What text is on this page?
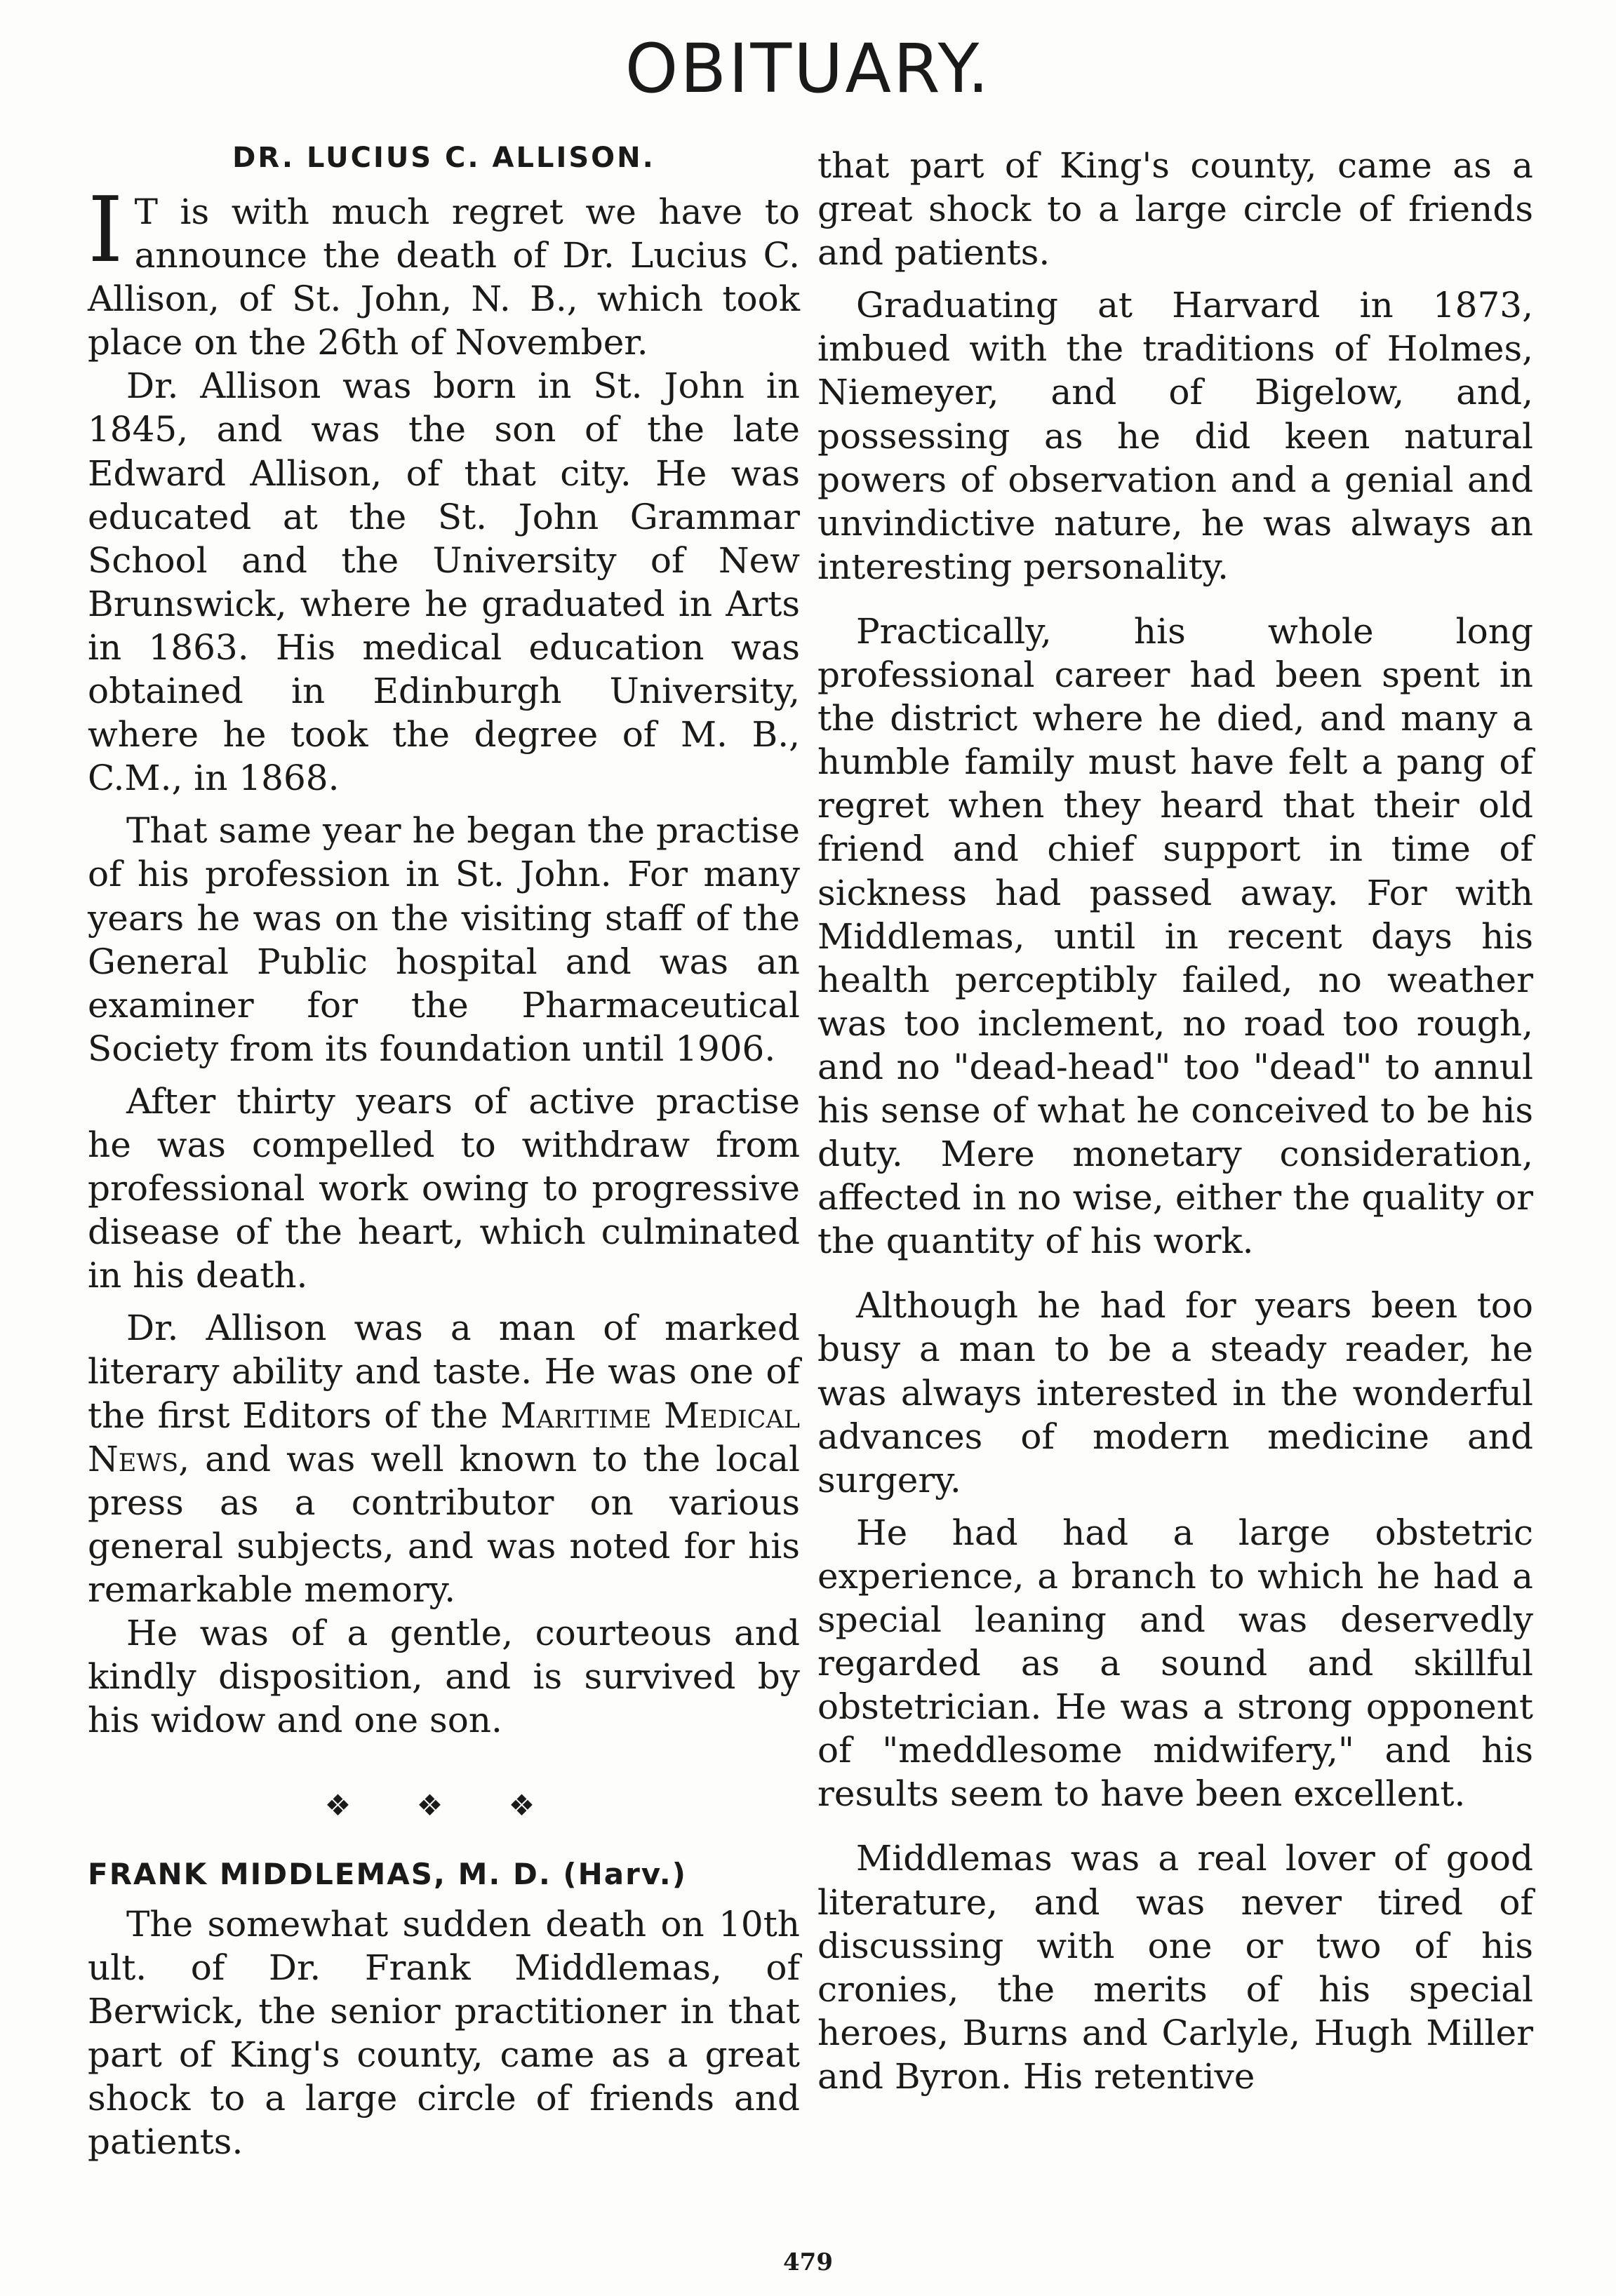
OBITUARY.
DR. LUCIUS C. ALLISON.

I T is with much regret we have to announce the death of Dr. Lucius C. Allison, of St. John, N. B., which took place on the 26th of November.

Dr. Allison was born in St. John in 1845, and was the son of the late Edward Allison, of that city. He was educated at the St. John Grammar School and the University of New Brunswick, where he graduated in Arts in 1863. His medical education was obtained in Edinburgh University, where he took the degree of M. B., C.M., in 1868.

That same year he began the practise of his profession in St. John. For many years he was on the visiting staff of the General Public hospital and was an examiner for the Pharmaceutical Society from its foundation until 1906.

After thirty years of active practise he was compelled to withdraw from professional work owing to progressive disease of the heart, which culminated in his death.

Dr. Allison was a man of marked literary ability and taste. He was one of the first Editors of the Maritime Medical News, and was well known to the local press as a contributor on various general subjects, and was noted for his remarkable memory.

He was of a gentle, courteous and kindly disposition, and is survived by his widow and one son.

❖ ❖ ❖
FRANK MIDDLEMAS, M. D. (Harv.)

The somewhat sudden death on 10th ult. of Dr. Frank Middlemas, of Berwick, the senior practitioner in that part of King's county, came as a great shock to a large circle of friends and patients.

that part of King's county, came as a great shock to a large circle of friends and patients.

Graduating at Harvard in 1873, imbued with the traditions of Holmes, Niemeyer, and of Bigelow, and, possessing as he did keen natural powers of observation and a genial and unvindictive nature, he was always an interesting personality.

Practically, his whole long professional career had been spent in the district where he died, and many a humble family must have felt a pang of regret when they heard that their old friend and chief support in time of sickness had passed away. For with Middlemas, until in recent days his health perceptibly failed, no weather was too inclement, no road too rough, and no "dead-head" too "dead" to annul his sense of what he conceived to be his duty. Mere monetary consideration, affected in no wise, either the quality or the quantity of his work.

Although he had for years been too busy a man to be a steady reader, he was always interested in the wonderful advances of modern medicine and surgery.

He had had a large obstetric experience, a branch to which he had a special leaning and was deservedly regarded as a sound and skillful obstetrician. He was a strong opponent of "meddlesome midwifery," and his results seem to have been excellent.

Middlemas was a real lover of good literature, and was never tired of discussing with one or two of his cronies, the merits of his special heroes, Burns and Carlyle, Hugh Miller and Byron. His retentive

479
